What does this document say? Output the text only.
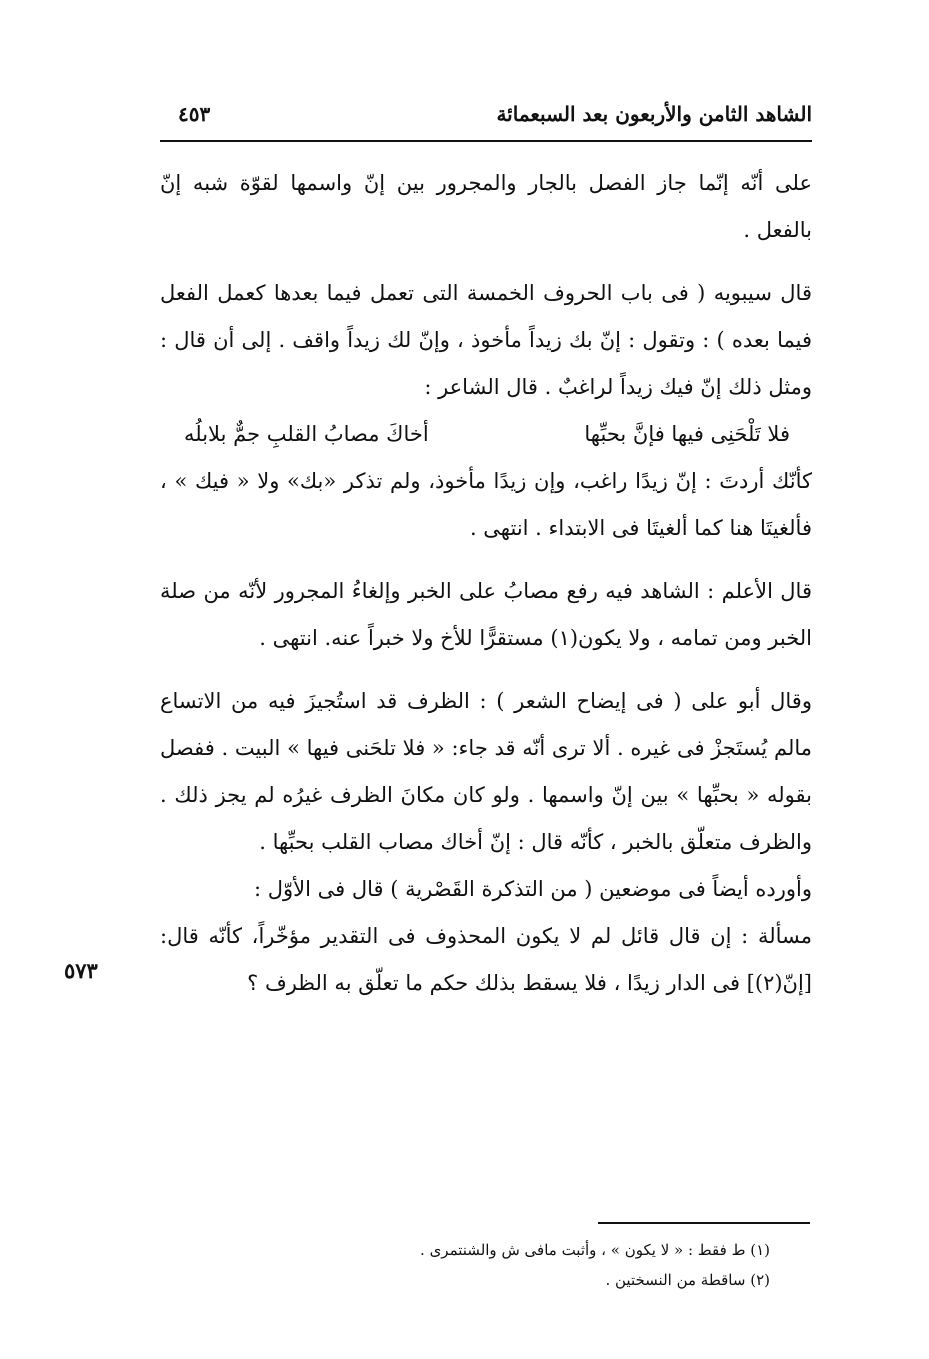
الشاهد الثامن والأربعون بعد السبعمائة
٤٥٣

على أنّه إنّما جاز الفصل بالجار والمجرور بين إنّ واسمها لقوّة شبه إنّ بالفعل .

قال سيبويه ( فى باب الحروف الخمسة التى تعمل فيما بعدها كعمل الفعل فيما بعده ) : وتقول : إنّ بك زيداً مأخوذ ، وإنّ لك زيداً واقف . إلى أن قال : ومثل ذلك إنّ فيك زيداً لراغبٌ . قال الشاعر :

فلا تَلْحَنِى فيها فإنَّ بحبِّها
أخاكَ مصابُ القلبِ جمٌّ بلابلُه

كأنّك أردتَ : إنّ زيدًا راغب، وإن زيدًا مأخوذ، ولم تذكر «بك» ولا « فيك » ، فألغيتَا هنا كما ألغيتَا فى الابتداء . انتهى .

قال الأعلم : الشاهد فيه رفع مصابُ على الخبر وإلغاءُ المجرور لأنّه من صلة الخبر ومن تمامه ، ولا يكون(١) مستقرًّا للأخ ولا خبراً عنه. انتهى .

وقال أبو على ( فى إيضاح الشعر ) : الظرف قد استُجيزَ فيه من الاتساع مالم يُستَجزْ فى غيره . ألا ترى أنّه قد جاء: « فلا تلحَنى فيها » البيت . ففصل بقوله « بحبِّها » بين إنّ واسمها . ولو كان مكانَ الظرف غيرُه لم يجز ذلك . والظرف متعلّق بالخبر ، كأنّه قال : إنّ أخاك مصاب القلب بحبِّها .

وأورده أيضاً فى موضعين ( من التذكرة القَصْرية ) قال فى الأوّل :

مسألة : إن قال قائل لم لا يكون المحذوف فى التقدير مؤخّراً، كأنّه قال: [إنّ(٢)] فى الدار زيدًا ، فلا يسقط بذلك حكم ما تعلّق به الظرف ؟

٥٧٣
(١) ط فقط : « لا يكون » ، وأثبت مافى ش والشنتمرى .
(٢) ساقطة من النسختين .
